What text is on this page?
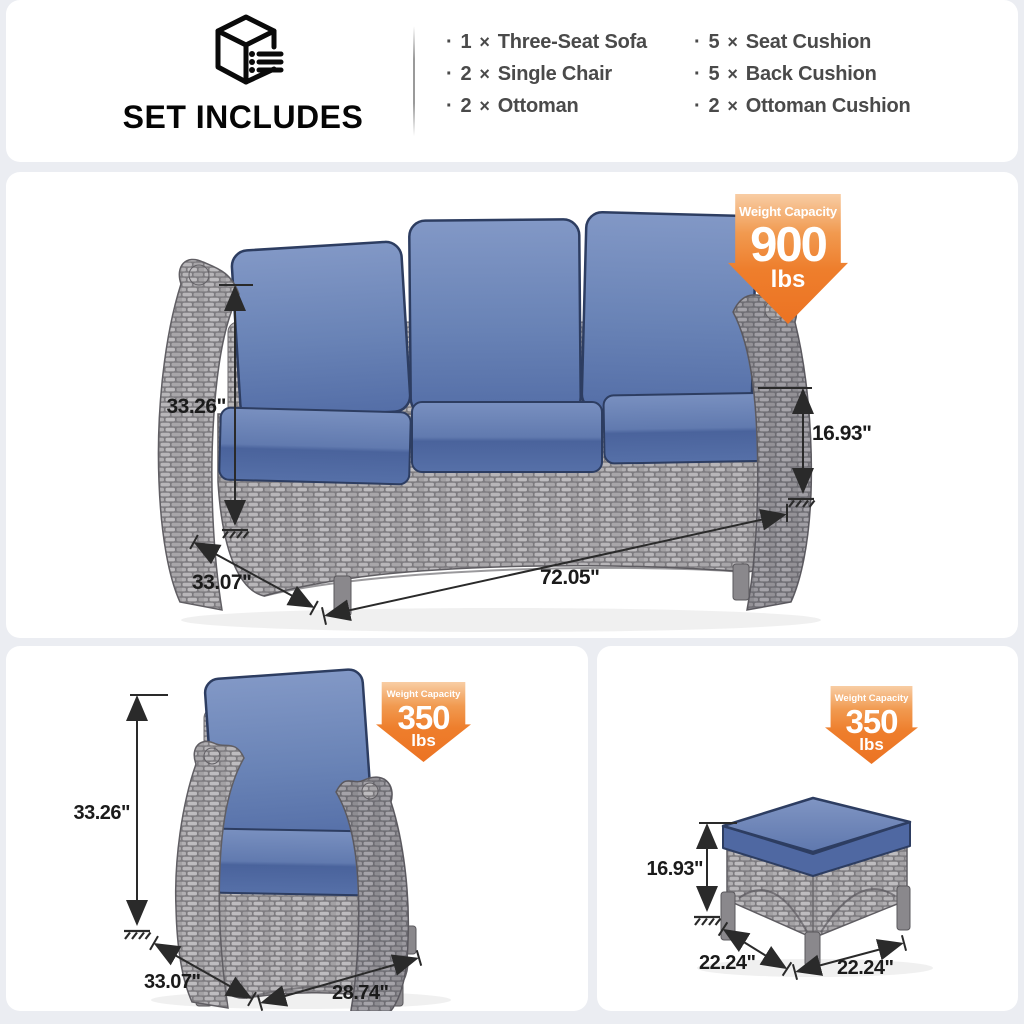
SET INCLUDES
· 1 × Three-Seat Sofa
· 2 × Single Chair
· 2 × Ottoman
· 5 × Seat Cushion
· 5 × Back Cushion
· 2 × Ottoman Cushion
33.26"
33.07"	72.05"
16.93"
Weight Capacity
900
lbs
33.26"
33.07"	28.74"
Weight Capacity
350
lbs
16.93"
22.24"	22.24"
Weight Capacity
350
lbs
